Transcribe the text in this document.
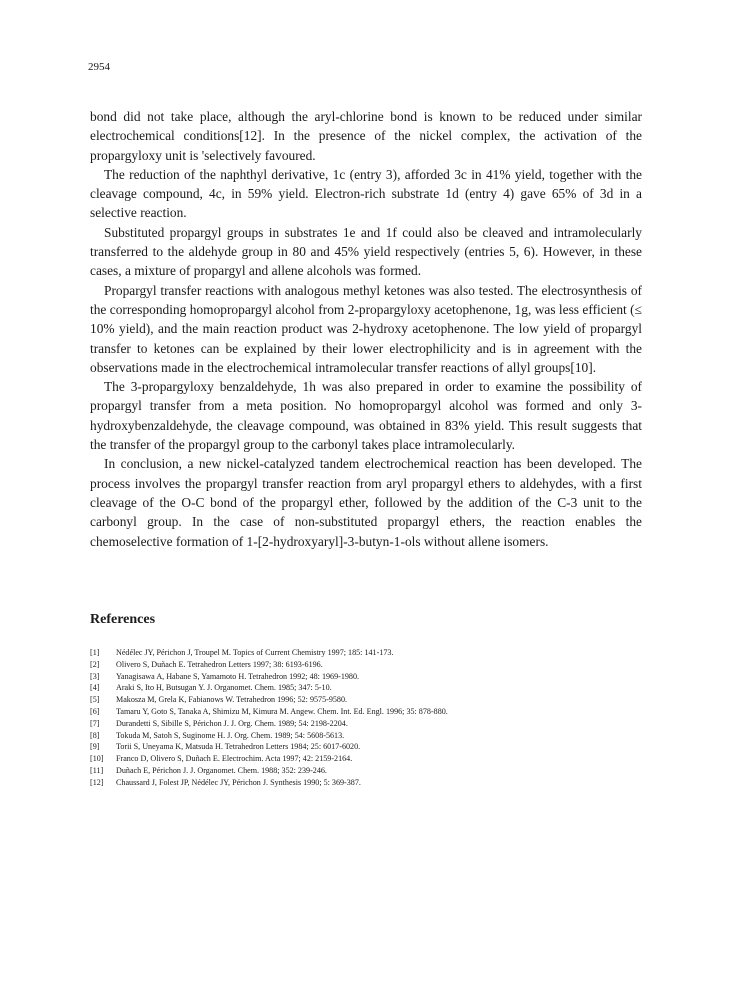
2954

bond did not take place, although the aryl-chlorine bond is known to be reduced under similar electrochemical conditions[12]. In the presence of the nickel complex, the activation of the propargyloxy unit is 'selectively favoured.

The reduction of the naphthyl derivative, 1c (entry 3), afforded 3c in 41% yield, together with the cleavage compound, 4c, in 59% yield. Electron-rich substrate 1d (entry 4) gave 65% of 3d in a selective reaction.

Substituted propargyl groups in substrates 1e and 1f could also be cleaved and intramolecularly transferred to the aldehyde group in 80 and 45% yield respectively (entries 5, 6). However, in these cases, a mixture of propargyl and allene alcohols was formed.

Propargyl transfer reactions with analogous methyl ketones was also tested. The electrosynthesis of the corresponding homopropargyl alcohol from 2-propargyloxy acetophenone, 1g, was less efficient (≤ 10% yield), and the main reaction product was 2-hydroxy acetophenone. The low yield of propargyl transfer to ketones can be explained by their lower electrophilicity and is in agreement with the observations made in the electrochemical intramolecular transfer reactions of allyl groups[10].

The 3-propargyloxy benzaldehyde, 1h was also prepared in order to examine the possibility of propargyl transfer from a meta position. No homopropargyl alcohol was formed and only 3-hydroxybenzaldehyde, the cleavage compound, was obtained in 83% yield. This result suggests that the transfer of the propargyl group to the carbonyl takes place intramolecularly.

In conclusion, a new nickel-catalyzed tandem electrochemical reaction has been developed. The process involves the propargyl transfer reaction from aryl propargyl ethers to aldehydes, with a first cleavage of the O-C bond of the propargyl ether, followed by the addition of the C-3 unit to the carbonyl group. In the case of non-substituted propargyl ethers, the reaction enables the chemoselective formation of 1-[2-hydroxyaryl]-3-butyn-1-ols without allene isomers.

References
[1]	Nédélec JY, Périchon J, Troupel M. Topics of Current Chemistry 1997; 185: 141-173.
[2]	Olivero S, Duñach E. Tetrahedron Letters 1997; 38: 6193-6196.
[3]	Yanagisawa A, Habane S, Yamamoto H. Tetrahedron 1992; 48: 1969-1980.
[4]	Araki S, Ito H, Butsugan Y. J. Organomet. Chem. 1985; 347: 5-10.
[5]	Makosza M, Grela K, Fabianows W. Tetrahedron 1996; 52: 9575-9580.
[6]	Tamaru Y, Goto S, Tanaka A, Shimizu M, Kimura M. Angew. Chem. Int. Ed. Engl. 1996; 35: 878-880.
[7]	Durandetti S, Sibille S, Périchon J. J. Org. Chem. 1989; 54: 2198-2204.
[8]	Tokuda M, Satoh S, Suginome H. J. Org. Chem. 1989; 54: 5608-5613.
[9]	Torii S, Uneyama K, Matsuda H. Tetrahedron Letters 1984; 25: 6017-6020.
[10]	Franco D, Olivero S, Duñach E. Electrochim. Acta 1997; 42: 2159-2164.
[11]	Duñach E, Périchon J. J. Organomet. Chem. 1988; 352: 239-246.
[12]	Chaussard J, Folest JP, Nédélec JY, Périchon J. Synthesis 1990; 5: 369-387.
